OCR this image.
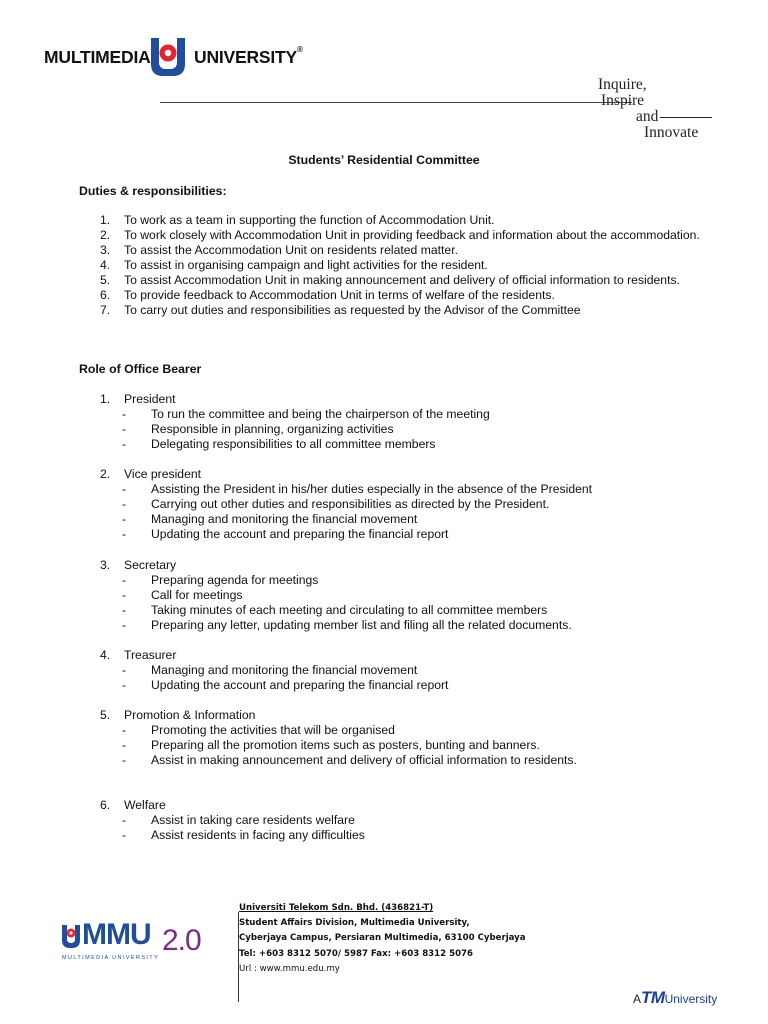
MULTIMEDIA UNIVERSITY®
Inquire,
Inspire
and
Innovate
Students’ Residential Committee
Duties & responsibilities:
1. To work as a team in supporting the function of Accommodation Unit.
2. To work closely with Accommodation Unit in providing feedback and information about the accommodation.
3. To assist the Accommodation Unit on residents related matter.
4. To assist in organising campaign and light activities for the resident.
5. To assist Accommodation Unit in making announcement and delivery of official information to residents.
6. To provide feedback to Accommodation Unit in terms of welfare of the residents.
7. To carry out duties and responsibilities as requested by the Advisor of the Committee
Role of Office Bearer
1. President
- To run the committee and being the chairperson of the meeting
- Responsible in planning, organizing activities
- Delegating responsibilities to all committee members
2. Vice president
- Assisting the President in his/her duties especially in the absence of the President
- Carrying out other duties and responsibilities as directed by the President.
- Managing and monitoring the financial movement
- Updating the account and preparing the financial report
3. Secretary
- Preparing agenda for meetings
- Call for meetings
- Taking minutes of each meeting and circulating to all committee members
- Preparing any letter, updating member list and filing all the related documents.
4. Treasurer
- Managing and monitoring the financial movement
- Updating the account and preparing the financial report
5. Promotion & Information
- Promoting the activities that will be organised
- Preparing all the promotion items such as posters, bunting and banners.
- Assist in making announcement and delivery of official information to residents.
6. Welfare
- Assist in taking care residents welfare
- Assist residents in facing any difficulties
MMU 2.0
MULTIMEDIA UNIVERSITY
Universiti Telekom Sdn. Bhd. (436821-T)
Student Affairs Division, Multimedia University,
Cyberjaya Campus, Persiaran Multimedia, 63100 Cyberjaya
Tel: +603 8312 5070/ 5987 Fax: +603 8312 5076
Url : www.mmu.edu.my
ATMUniversity
